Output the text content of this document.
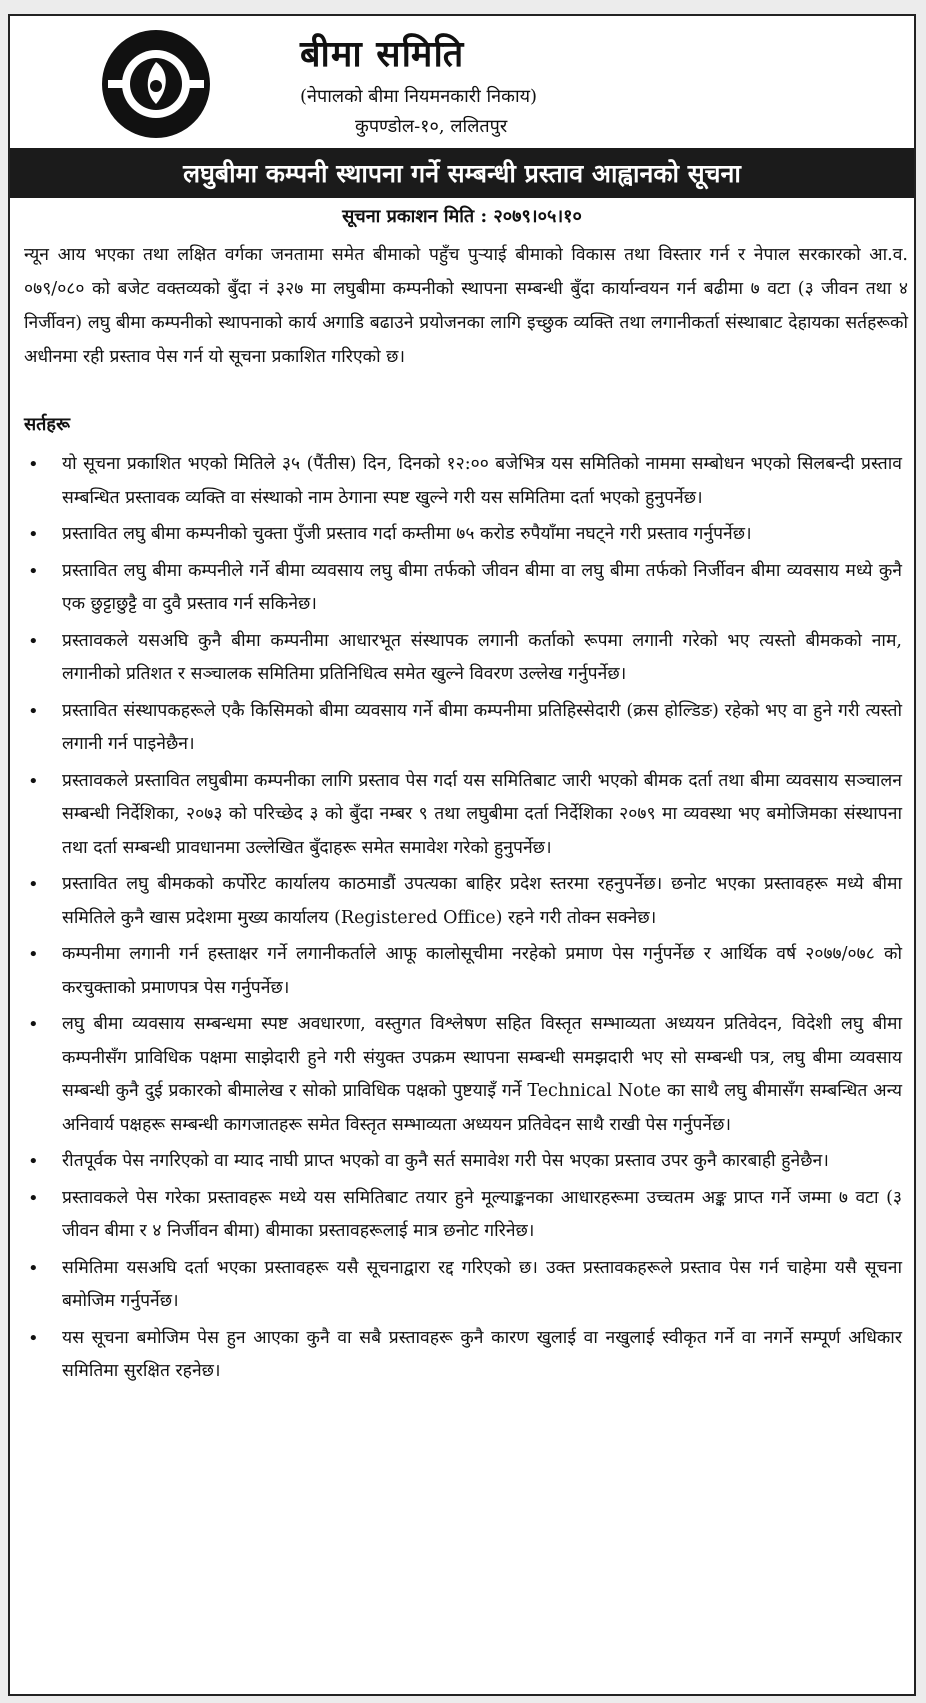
बीमा समिति
(नेपालको बीमा नियमनकारी निकाय)
कुपण्डोल-१०, ललितपुर
लघुबीमा कम्पनी स्थापना गर्ने सम्बन्धी प्रस्ताव आह्वानको सूचना
सूचना प्रकाशन मिति : २०७९।०५।१०
न्यून आय भएका तथा लक्षित वर्गका जनतामा समेत बीमाको पहुँच पुऱ्याई बीमाको विकास तथा विस्तार गर्न र नेपाल सरकारको आ.व. ०७९/०८० को बजेट वक्तव्यको बुँदा नं ३२७ मा लघुबीमा कम्पनीको स्थापना सम्बन्धी बुँदा कार्यान्वयन गर्न बढीमा ७ वटा (३ जीवन तथा ४ निर्जीवन) लघु बीमा कम्पनीको स्थापनाको कार्य अगाडि बढाउने प्रयोजनका लागि इच्छुक व्यक्ति तथा लगानीकर्ता संस्थाबाट देहायका सर्तहरूको अधीनमा रही प्रस्ताव पेस गर्न यो सूचना प्रकाशित गरिएको छ।
सर्तहरू
• यो सूचना प्रकाशित भएको मितिले ३५ (पैंतीस) दिन, दिनको १२:०० बजेभित्र यस समितिको नाममा सम्बोधन भएको सिलबन्दी प्रस्ताव सम्बन्धित प्रस्तावक व्यक्ति वा संस्थाको नाम ठेगाना स्पष्ट खुल्ने गरी यस समितिमा दर्ता भएको हुनुपर्नेछ।
• प्रस्तावित लघु बीमा कम्पनीको चुक्ता पुँजी प्रस्ताव गर्दा कम्तीमा ७५ करोड रुपैयाँमा नघट्ने गरी प्रस्ताव गर्नुपर्नेछ।
• प्रस्तावित लघु बीमा कम्पनीले गर्ने बीमा व्यवसाय लघु बीमा तर्फको जीवन बीमा वा लघु बीमा तर्फको निर्जीवन बीमा व्यवसाय मध्ये कुनै एक छुट्टाछुट्टै वा दुवै प्रस्ताव गर्न सकिनेछ।
• प्रस्तावकले यसअघि कुनै बीमा कम्पनीमा आधारभूत संस्थापक लगानी कर्ताको रूपमा लगानी गरेको भए त्यस्तो बीमकको नाम, लगानीको प्रतिशत र सञ्चालक समितिमा प्रतिनिधित्व समेत खुल्ने विवरण उल्लेख गर्नुपर्नेछ।
• प्रस्तावित संस्थापकहरूले एकै किसिमको बीमा व्यवसाय गर्ने बीमा कम्पनीमा प्रतिहिस्सेदारी (क्रस होल्डिङ) रहेको भए वा हुने गरी त्यस्तो लगानी गर्न पाइनेछैन।
• प्रस्तावकले प्रस्तावित लघुबीमा कम्पनीका लागि प्रस्ताव पेस गर्दा यस समितिबाट जारी भएको बीमक दर्ता तथा बीमा व्यवसाय सञ्चालन सम्बन्धी निर्देशिका, २०७३ को परिच्छेद ३ को बुँदा नम्बर ९ तथा लघुबीमा दर्ता निर्देशिका २०७९ मा व्यवस्था भए बमोजिमका संस्थापना तथा दर्ता सम्बन्धी प्रावधानमा उल्लेखित बुँदाहरू समेत समावेश गरेको हुनुपर्नेछ।
• प्रस्तावित लघु बीमकको कर्पोरेट कार्यालय काठमाडौं उपत्यका बाहिर प्रदेश स्तरमा रहनुपर्नेछ। छनोट भएका प्रस्तावहरू मध्ये बीमा समितिले कुनै खास प्रदेशमा मुख्य कार्यालय (Registered Office) रहने गरी तोक्न सक्नेछ।
• कम्पनीमा लगानी गर्न हस्ताक्षर गर्ने लगानीकर्ताले आफू कालोसूचीमा नरहेको प्रमाण पेस गर्नुपर्नेछ र आर्थिक वर्ष २०७७/०७८ को करचुक्ताको प्रमाणपत्र पेस गर्नुपर्नेछ।
• लघु बीमा व्यवसाय सम्बन्धमा स्पष्ट अवधारणा, वस्तुगत विश्लेषण सहित विस्तृत सम्भाव्यता अध्ययन प्रतिवेदन, विदेशी लघु बीमा कम्पनीसँग प्राविधिक पक्षमा साझेदारी हुने गरी संयुक्त उपक्रम स्थापना सम्बन्धी समझदारी भए सो सम्बन्धी पत्र, लघु बीमा व्यवसाय सम्बन्धी कुनै दुई प्रकारको बीमालेख र सोको प्राविधिक पक्षको पुष्टयाइँ गर्ने Technical Note का साथै लघु बीमासँग सम्बन्धित अन्य अनिवार्य पक्षहरू सम्बन्धी कागजातहरू समेत विस्तृत सम्भाव्यता अध्ययन प्रतिवेदन साथै राखी पेस गर्नुपर्नेछ।
• रीतपूर्वक पेस नगरिएको वा म्याद नाघी प्राप्त भएको वा कुनै सर्त समावेश गरी पेस भएका प्रस्ताव उपर कुनै कारबाही हुनेछैन।
• प्रस्तावकले पेस गरेका प्रस्तावहरू मध्ये यस समितिबाट तयार हुने मूल्याङ्कनका आधारहरूमा उच्चतम अङ्क प्राप्त गर्ने जम्मा ७ वटा (३ जीवन बीमा र ४ निर्जीवन बीमा) बीमाका प्रस्तावहरूलाई मात्र छनोट गरिनेछ।
• समितिमा यसअघि दर्ता भएका प्रस्तावहरू यसै सूचनाद्वारा रद्द गरिएको छ। उक्त प्रस्तावकहरूले प्रस्ताव पेस गर्न चाहेमा यसै सूचना बमोजिम गर्नुपर्नेछ।
• यस सूचना बमोजिम पेस हुन आएका कुनै वा सबै प्रस्तावहरू कुनै कारण खुलाई वा नखुलाई स्वीकृत गर्ने वा नगर्ने सम्पूर्ण अधिकार समितिमा सुरक्षित रहनेछ।
